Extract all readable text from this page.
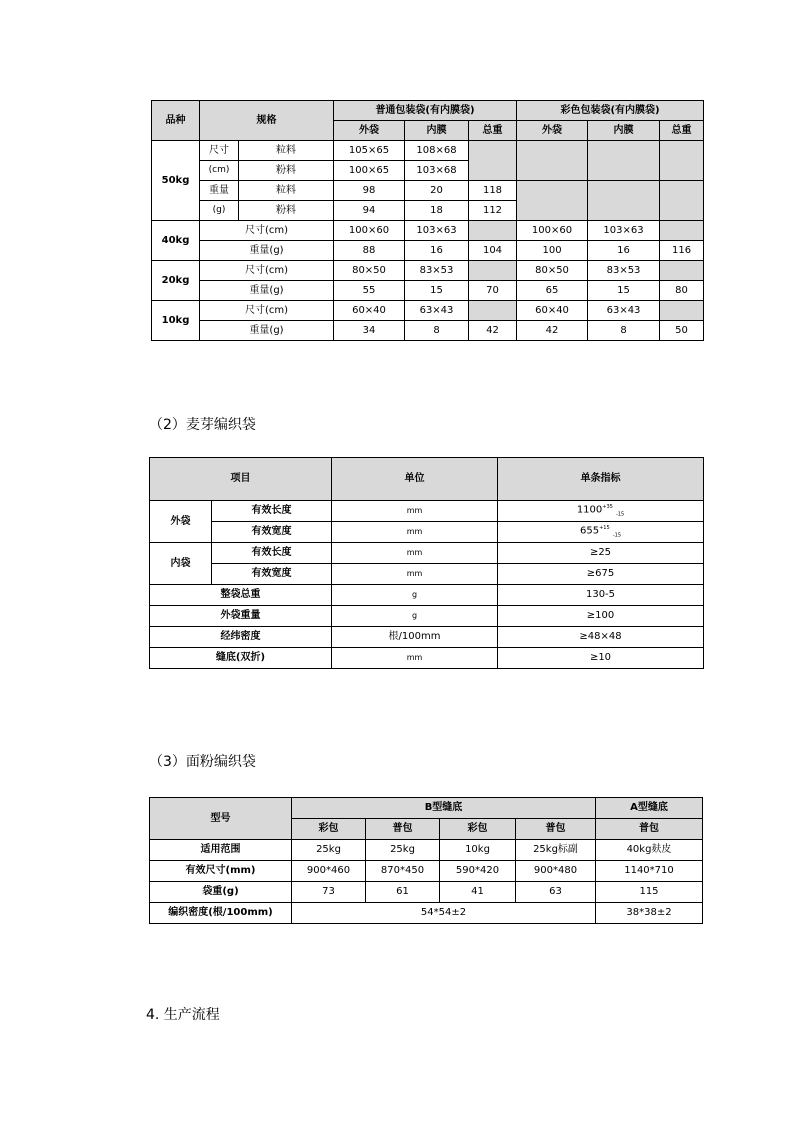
品种	规格		普通包装袋(有内膜袋)			彩色包装袋(有内膜袋)		
			外袋	内膜	总重	外袋	内膜	总重
50kg	尺寸	粒料	105×65	108×68				
	(cm)	粉料	100×65	103×68				
	重量	粒料	98	20	118			
	(g)	粉料	94	18	112			
40kg	尺寸(cm)		100×60	103×63		100×60	103×63	
	重量(g)		88	16	104	100	16	116
20kg	尺寸(cm)		80×50	83×53		80×50	83×53	
	重量(g)		55	15	70	65	15	80
10kg	尺寸(cm)		60×40	63×43		60×40	63×43	
	重量(g)		34	8	42	42	8	50
（2）麦芽编织袋
项目		单位	单条指标
外袋	有效长度	mm	$1100^{+35}$ $_{-15}$
	有效宽度	mm	$655^{+15}$ $_{-15}$
内袋	有效长度	mm	≥25
	有效宽度	mm	≥675
整袋总重		g	130-5
外袋重量		g	≥100
经纬密度		根/100mm	≥48×48
缝底(双折)		mm	≥10
（3）面粉编织袋
型号	B型缝底				A型缝底
	彩包	普包	彩包	普包	普包
适用范围	25kg	25kg	10kg	25kg标副	40kg麸皮
有效尺寸(mm)	900*460	870*450	590*420	900*480	1140*710
袋重(g)	73	61	41	63	115
编织密度(根/100mm)	54*54±2				38*38±2
4. 生产流程
